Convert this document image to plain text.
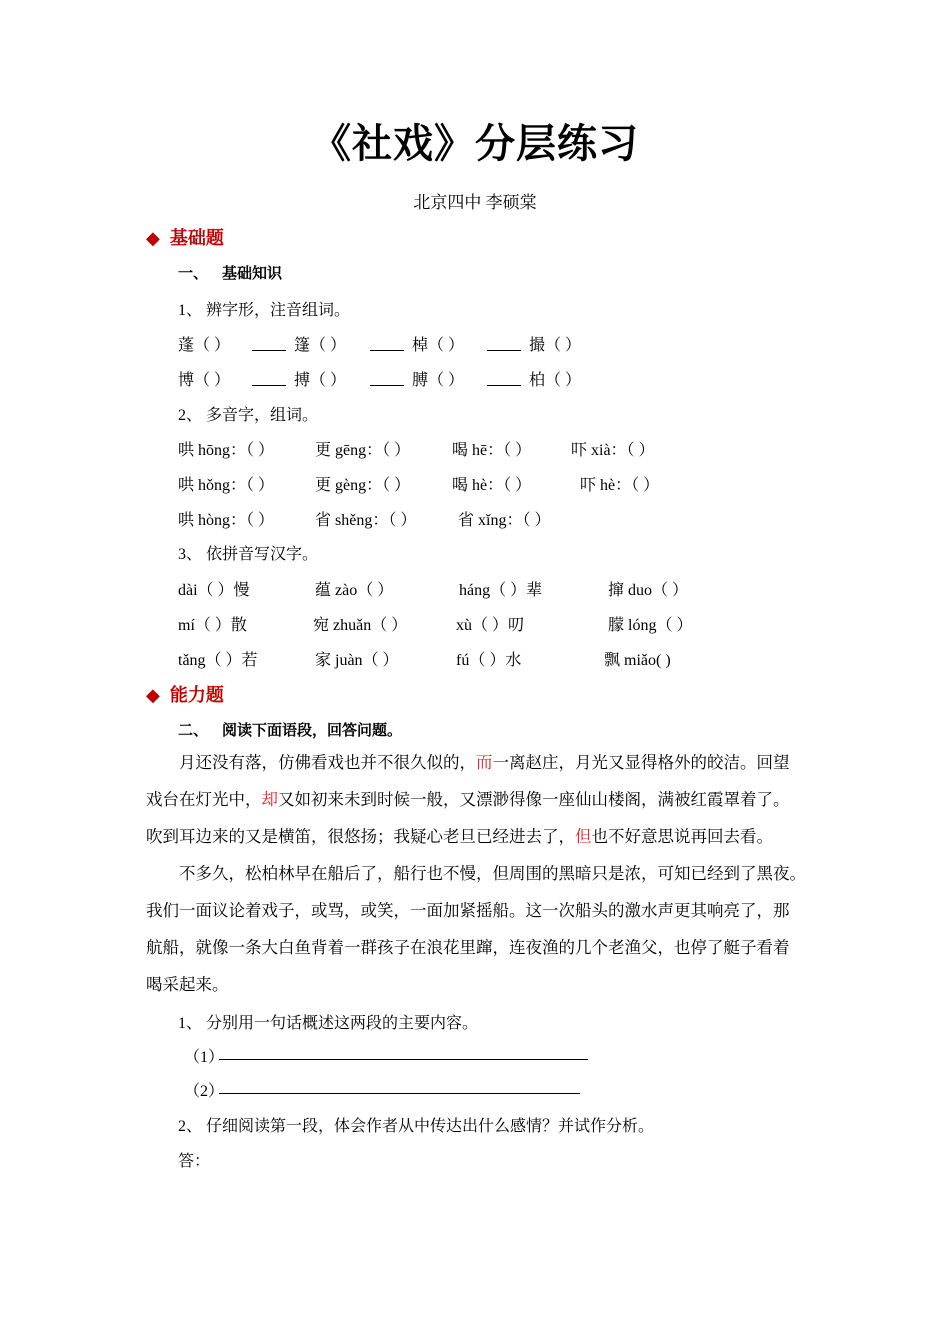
《社戏》分层练习
北京四中 李硕棠
◆ 基础题
一、 基础知识
1、 辨字形，注音组词。
蓬（ ）	篷（ ）	棹（ ）	撮（ ）
博（ ）	搏（ ）	膊（ ）	柏（ ）
2、 多音字，组词。
哄 hōng：（ ）	更 gēng：（ ）	喝 hē：（ ） 吓 xià：（ ）
哄 hǒng：（ ）	更 gèng：（ ）	喝 hè：（ ）	吓 hè：（ ）
哄 hòng：（ ）	省 shěng：（ ）	省 xǐng：（ ）
3、 依拼音写汉字。
dài（ ）慢	蕴 zào（ ）	háng（ ）辈	撺 duo（ ）
mí（ ）散	宛 zhuǎn（ ）	xù（ ）叨	朦 lóng（ ）
tǎng（ ）若	家 juàn（ ）	fú（ ）水	飘 miǎo( )
◆ 能力题
二、 阅读下面语段，回答问题。
月还没有落，仿佛看戏也并不很久似的，而一离赵庄，月光又显得格外的皎洁。回望
戏台在灯光中，却又如初来未到时候一般，又漂渺得像一座仙山楼阁，满被红霞罩着了。
吹到耳边来的又是横笛，很悠扬；我疑心老旦已经进去了，但也不好意思说再回去看。
不多久，松柏林早在船后了，船行也不慢，但周围的黑暗只是浓，可知已经到了黑夜。
我们一面议论着戏子，或骂，或笑，一面加紧摇船。这一次船头的激水声更其响亮了，那
航船，就像一条大白鱼背着一群孩子在浪花里蹿，连夜渔的几个老渔父，也停了艇子看着
喝采起来。
1、 分别用一句话概述这两段的主要内容。
（1）
（2）
2、 仔细阅读第一段，体会作者从中传达出什么感情？并试作分析。
答：
